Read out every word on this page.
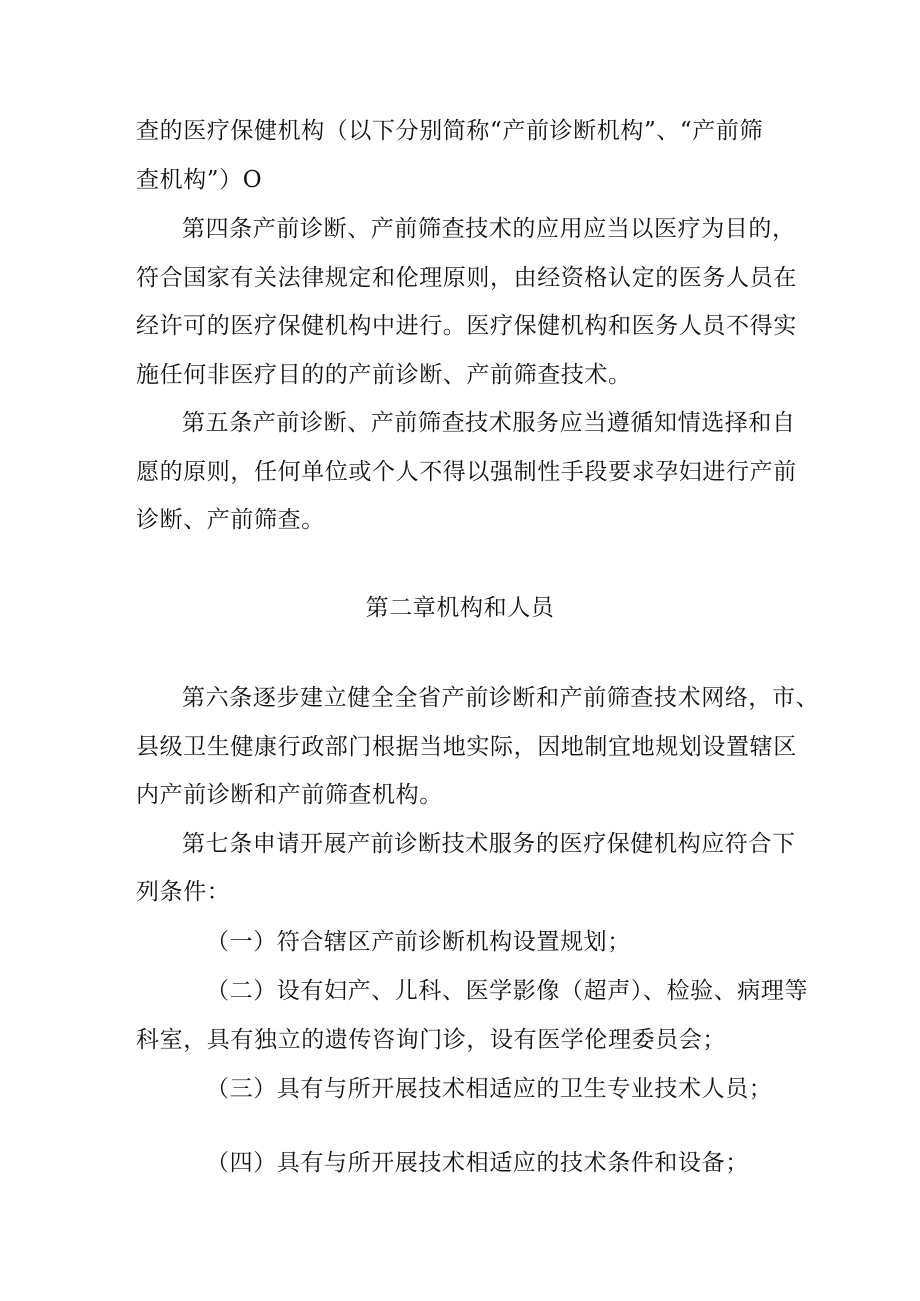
查的医疗保健机构（以下分别简称“产前诊断机构”、“产前筛
查机构”）O
第四条产前诊断、产前筛查技术的应用应当以医疗为目的，
符合国家有关法律规定和伦理原则，由经资格认定的医务人员在
经许可的医疗保健机构中进行。医疗保健机构和医务人员不得实
施任何非医疗目的的产前诊断、产前筛查技术。
第五条产前诊断、产前筛查技术服务应当遵循知情选择和自
愿的原则，任何单位或个人不得以强制性手段要求孕妇进行产前
诊断、产前筛查。
第二章机构和人员
第六条逐步建立健全全省产前诊断和产前筛查技术网络，市、
县级卫生健康行政部门根据当地实际，因地制宜地规划设置辖区
内产前诊断和产前筛查机构。
第七条申请开展产前诊断技术服务的医疗保健机构应符合下
列条件：
（一）符合辖区产前诊断机构设置规划；
（二）设有妇产、儿科、医学影像（超声）、检验、病理等
科室，具有独立的遗传咨询门诊，设有医学伦理委员会；
（三）具有与所开展技术相适应的卫生专业技术人员；
（四）具有与所开展技术相适应的技术条件和设备；
